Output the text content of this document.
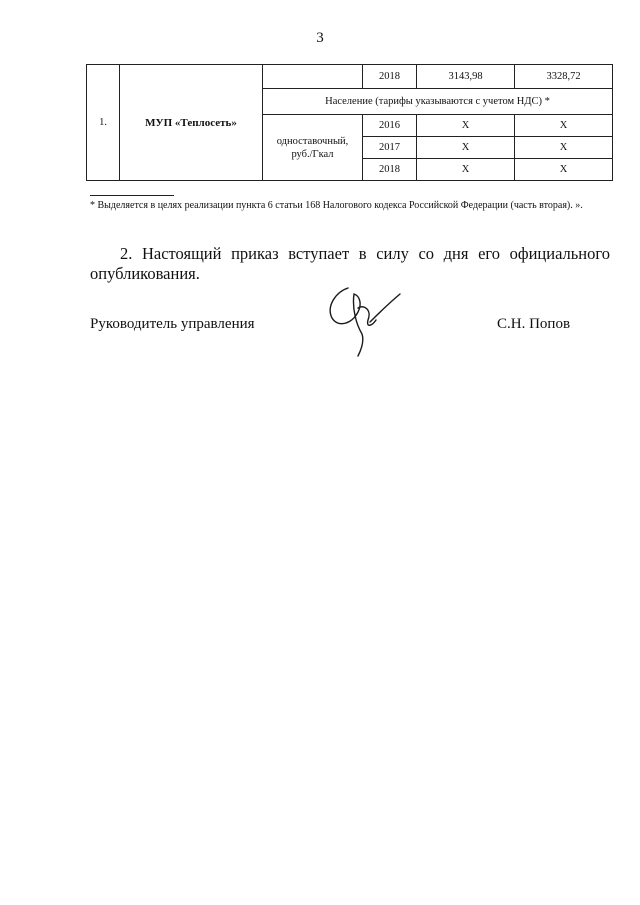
3
1.	МУП «Теплосеть»		2018	3143,98	3328,72
		Население (тарифы указываются с учетом НДС) *			
		одноставочный, руб./Гкал	2016	Х	Х
			2017	Х	Х
			2018	Х	Х
* Выделяется в целях реализации пункта 6 статьи 168 Налогового кодекса Российской Федерации (часть вторая). ».
2. Настоящий приказ вступает в силу со дня его официального опубликования.
Руководитель управления	С.Н. Попов
